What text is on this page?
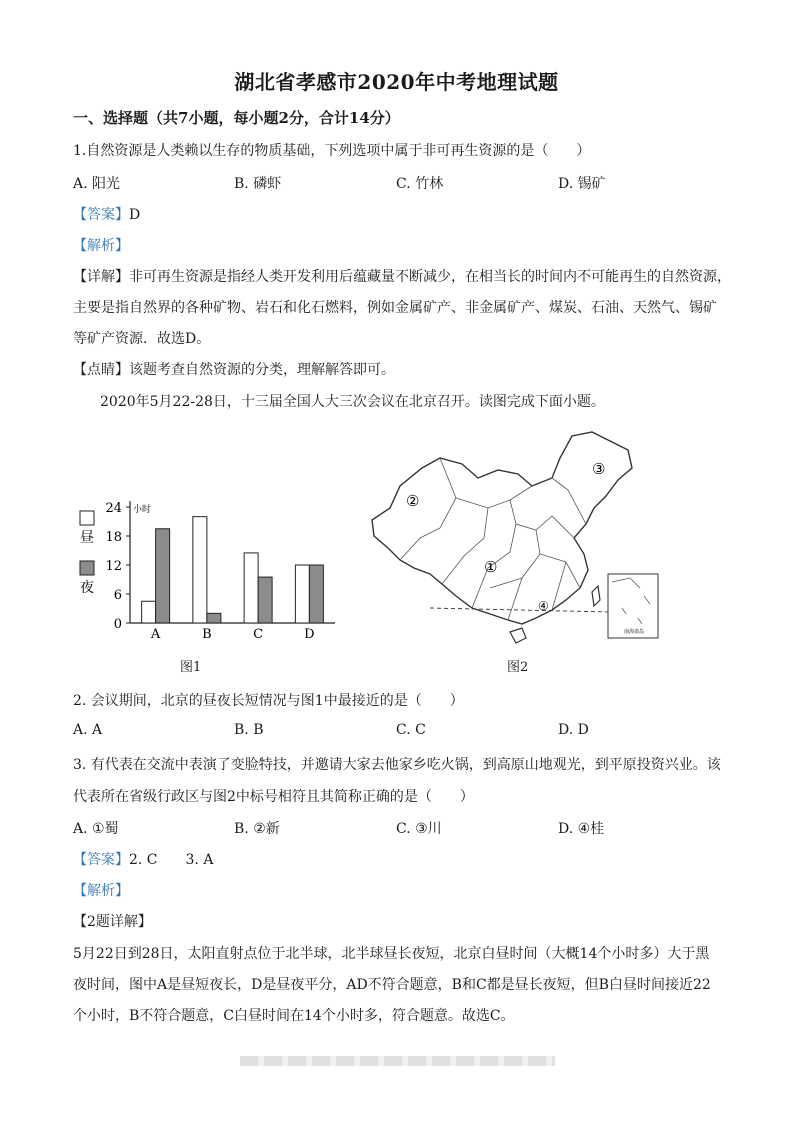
湖北省孝感市2020年中考地理试题
一、选择题（共7小题，每小题2分，合计14分）
1.自然资源是人类赖以生存的物质基础，下列选项中属于非可再生资源的是（　　）
A. 阳光	B. 磷虾	C. 竹林	D. 锡矿
【答案】D
【解析】
【详解】非可再生资源是指经人类开发利用后蕴藏量不断减少，在相当长的时间内不可能再生的自然资源，
主要是指自然界的各种矿物、岩石和化石燃料，例如金属矿产、非金属矿产、煤炭、石油、天然气、锡矿
等矿产资源．故选D。
【点睛】该题考查自然资源的分类，理解解答即可。
2020年5月22-28日，十三届全国人大三次会议在北京召开。读图完成下面小题。
24
18
12
6
0
小时
A	B	C	D
昼
夜
图1
①
②
③
④
南海诸岛
图2
2. 会议期间，北京的昼夜长短情况与图1中最接近的是（　　）
A. A	B. B	C. C	D. D
3. 有代表在交流中表演了变脸特技，并邀请大家去他家乡吃火锅，到高原山地观光，到平原投资兴业。该
代表所在省级行政区与图2中标号相符且其简称正确的是（　　）
A. ①蜀	B. ②新	C. ③川	D. ④桂
【答案】2. C　　3. A
【解析】
【2题详解】
5月22日到28日，太阳直射点位于北半球，北半球昼长夜短，北京白昼时间（大概14个小时多）大于黑
夜时间，图中A是昼短夜长，D是昼夜平分，AD不符合题意，B和C都是昼长夜短，但B白昼时间接近22
个小时，B不符合题意，C白昼时间在14个小时多，符合题意。故选C。
